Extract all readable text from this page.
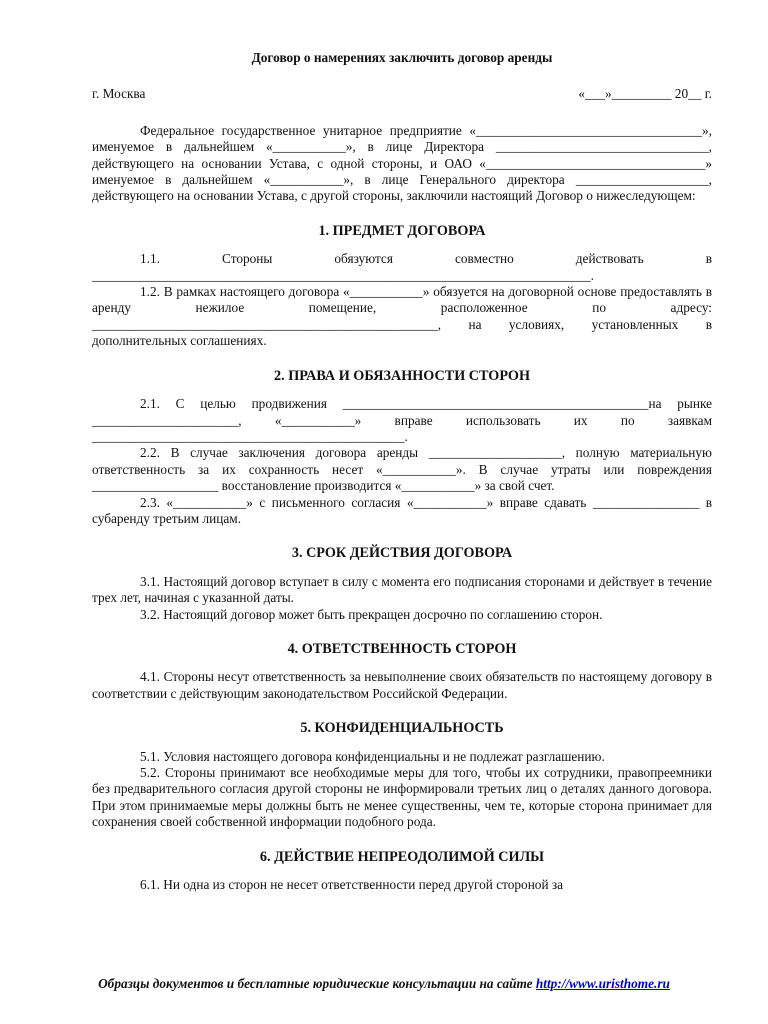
Договор о намерениях заключить договор аренды
г. Москва	«___»_________ 20__ г.

Федеральное государственное унитарное предприятие «__________________________________», именуемое в дальнейшем «___________», в лице Директора ________________________________, действующего на основании Устава, с одной стороны, и ОАО «_________________________________» именуемое в дальнейшем «___________», в лице Генерального директора ____________________, действующего на основании Устава, с другой стороны, заключили настоящий Договор о нижеследующем:

1. ПРЕДМЕТ ДОГОВОРА

1.1. Стороны обязуются совместно действовать в ___________________________________________________________________________.

1.2. В рамках настоящего договора «___________» обязуется на договорной основе предоставлять в аренду нежилое помещение, расположенное по адресу: ____________________________________________________, на условиях, установленных в дополнительных соглашениях.

2. ПРАВА И ОБЯЗАННОСТИ СТОРОН

2.1. С целью продвижения ______________________________________________на рынке ______________________, «___________» вправе использовать их по заявкам _______________________________________________.

2.2. В случае заключения договора аренды ____________________, полную материальную ответственность за их сохранность несет «___________». В случае утраты или повреждения ___________________ восстановление производится «___________» за свой счет.

2.3. «___________» с письменного согласия «___________» вправе сдавать ________________ в субаренду третьим лицам.

3. СРОК ДЕЙСТВИЯ ДОГОВОРА

3.1. Настоящий договор вступает в силу с момента его подписания сторонами и действует в течение трех лет, начиная с указанной даты.

3.2. Настоящий договор может быть прекращен досрочно по соглашению сторон.

4. ОТВЕТСТВЕННОСТЬ СТОРОН

4.1. Стороны несут ответственность за невыполнение своих обязательств по настоящему договору в соответствии с действующим законодательством Российской Федерации.

5. КОНФИДЕНЦИАЛЬНОСТЬ

5.1. Условия настоящего договора конфиденциальны и не подлежат разглашению.

5.2. Стороны принимают все необходимые меры для того, чтобы их сотрудники, правопреемники без предварительного согласия другой стороны не информировали третьих лиц о деталях данного договора. При этом принимаемые меры должны быть не менее существенны, чем те, которые сторона принимает для сохранения своей собственной информации подобного рода.

6. ДЕЙСТВИЕ НЕПРЕОДОЛИМОЙ СИЛЫ

6.1. Ни одна из сторон не несет ответственности перед другой стороной за

Образцы документов и бесплатные юридические консультации на сайте http://www.uristhome.ru
